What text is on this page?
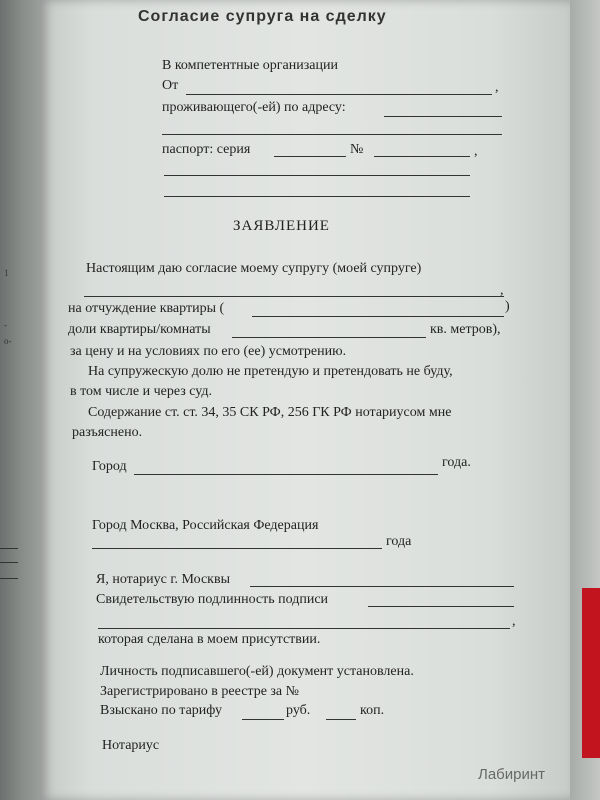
1
-
о-
Согласие супруга на сделку
В компетентные организации
От	,
проживающего(-ей) по адресу:
паспорт: серия	№	,
ЗАЯВЛЕНИЕ
Настоящим даю согласие моему супругу (моей супруге)
,
на отчуждение квартиры (	)
доли квартиры/комнаты	кв. метров),
за цену и на условиях по его (ее) усмотрению.
На супружескую долю не претендую и претендовать не буду,
в том числе и через суд.
Содержание ст. ст. 34, 35 СК РФ, 256 ГК РФ нотариусом мне
разъяснено.
Город	года.
Город Москва, Российская Федерация
года
Я, нотариус г. Москвы
Свидетельствую подлинность подписи
,
которая сделана в моем присутствии.
Личность подписавшего(-ей) документ установлена.
Зарегистрировано в реестре за №
Взыскано по тарифу	руб.	коп.
Нотариус
Лабиринт
